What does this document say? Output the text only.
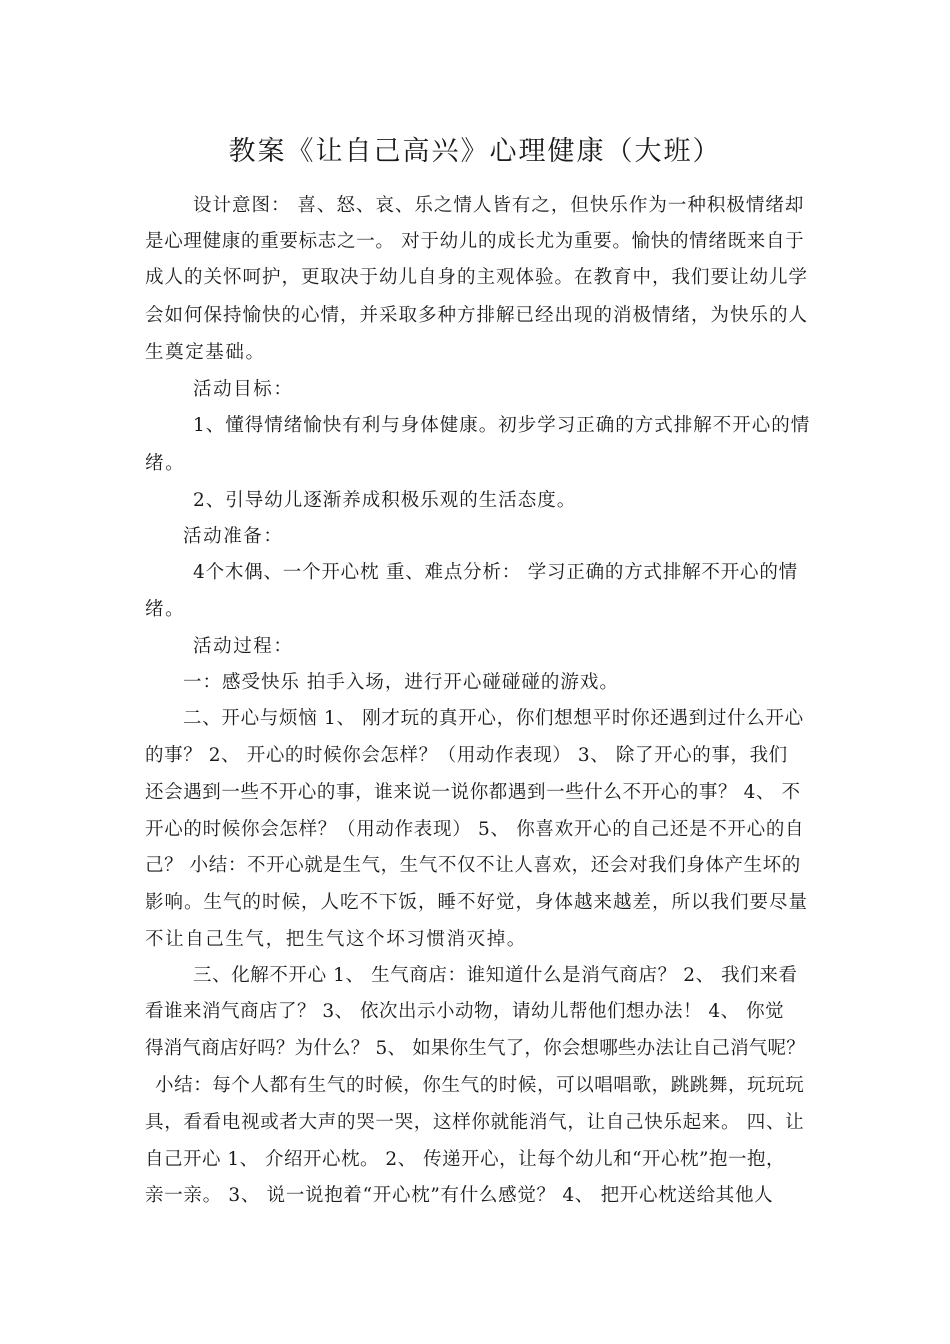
教案《让自己高兴》心理健康（大班）
设计意图： 喜、怒、哀、乐之情人皆有之，但快乐作为一种积极情绪却
是心理健康的重要标志之一。 对于幼儿的成长尤为重要。愉快的情绪既来自于
成人的关怀呵护，更取决于幼儿自身的主观体验。在教育中，我们要让幼儿学
会如何保持愉快的心情，并采取多种方排解已经出现的消极情绪，为快乐的人
生奠定基础。
活动目标：
1、懂得情绪愉快有利与身体健康。初步学习正确的方式排解不开心的情
绪。
2、引导幼儿逐渐养成积极乐观的生活态度。
活动准备：
4个木偶、一个开心枕 重、难点分析： 学习正确的方式排解不开心的情
绪。
活动过程：
一：感受快乐 拍手入场，进行开心碰碰碰的游戏。
二、开心与烦恼 1、 刚才玩的真开心，你们想想平时你还遇到过什么开心
的事？ 2、 开心的时候你会怎样？（用动作表现） 3、 除了开心的事，我们
还会遇到一些不开心的事，谁来说一说你都遇到一些什么不开心的事？ 4、 不
开心的时候你会怎样？（用动作表现） 5、 你喜欢开心的自己还是不开心的自
己？ 小结：不开心就是生气，生气不仅不让人喜欢，还会对我们身体产生坏的
影响。生气的时候，人吃不下饭，睡不好觉，身体越来越差，所以我们要尽量
不让自己生气，把生气这个坏习惯消灭掉。
三、化解不开心 1、 生气商店：谁知道什么是消气商店？ 2、 我们来看
看谁来消气商店了？ 3、 依次出示小动物，请幼儿帮他们想办法！ 4、 你觉
得消气商店好吗？为什么？ 5、 如果你生气了，你会想哪些办法让自己消气呢？
小结：每个人都有生气的时候，你生气的时候，可以唱唱歌，跳跳舞，玩玩玩
具，看看电视或者大声的哭一哭，这样你就能消气，让自己快乐起来。 四、让
自己开心 1、 介绍开心枕。 2、 传递开心，让每个幼儿和“开心枕”抱一抱，
亲一亲。 3、 说一说抱着“开心枕”有什么感觉？ 4、 把开心枕送给其他人
